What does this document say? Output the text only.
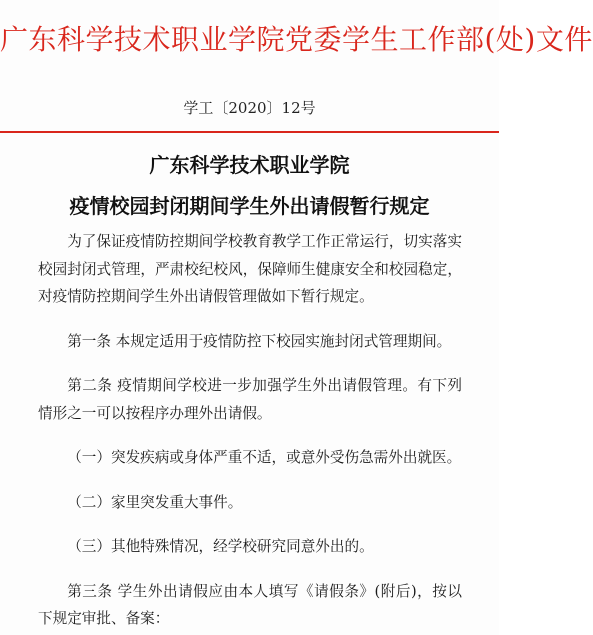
广东科学技术职业学院党委学生工作部(处)文件
学工〔2020〕12号
广东科学技术职业学院
疫情校园封闭期间学生外出请假暂行规定

为了保证疫情防控期间学校教育教学工作正常运行，切实落实校园封闭式管理，严肃校纪校风，保障师生健康安全和校园稳定，对疫情防控期间学生外出请假管理做如下暂行规定。

第一条 本规定适用于疫情防控下校园实施封闭式管理期间。

第二条 疫情期间学校进一步加强学生外出请假管理。有下列情形之一可以按程序办理外出请假。

（一）突发疾病或身体严重不适，或意外受伤急需外出就医。

（二）家里突发重大事件。

（三）其他特殊情况，经学校研究同意外出的。

第三条 学生外出请假应由本人填写《请假条》(附后)，按以下规定审批、备案：
